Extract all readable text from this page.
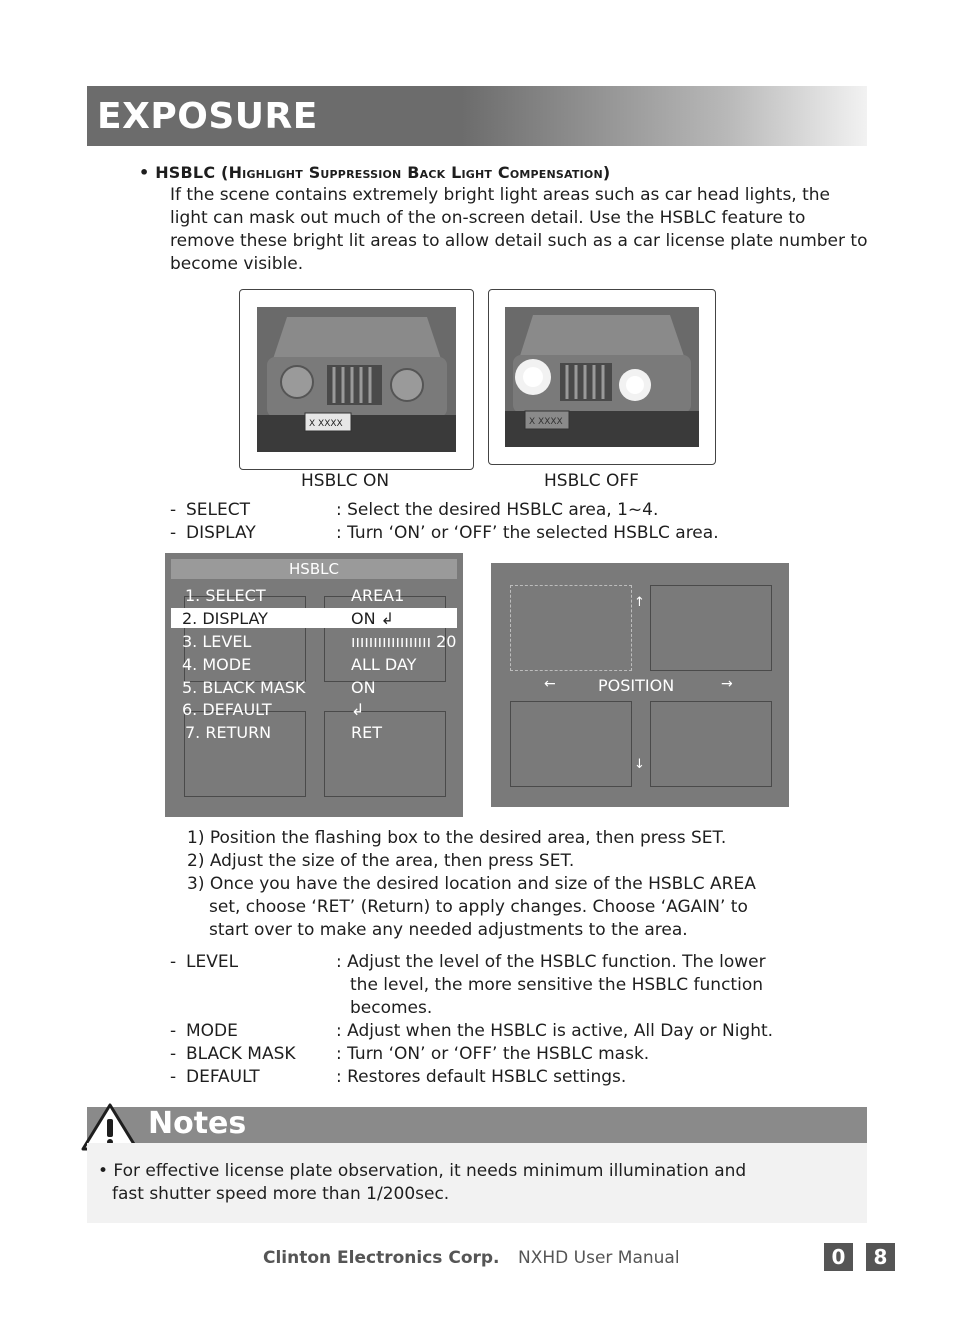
EXPOSURE
• HSBLC (Highlight Suppression Back Light Compensation)
If the scene contains extremely bright light areas such as car head lights, the light can mask out much of the on-screen detail. Use the HSBLC feature to remove these bright lit areas to allow detail such as a car license plate number to become visible.
X XXXX
HSBLC ON
X XXXX
HSBLC OFF
- SELECT	: Select the desired HSBLC area, 1~4.
- DISPLAY	: Turn ‘ON’ or ‘OFF’ the selected HSBLC area.
HSBLC
1. SELECT	AREA1
2. DISPLAY	ON ↲
3. LEVEL	ıııııııııııııııııı 20
4. MODE	ALL DAY
5. BLACK MASK	ON
6. DEFAULT	↲
7. RETURN	RET
↑
←	POSITION	→
↓
1) Position the flashing box to the desired area, then press SET.
2) Adjust the size of the area, then press SET.
3) Once you have the desired location and size of the HSBLC AREA
set, choose ‘RET’ (Return) to apply changes. Choose ‘AGAIN’ to
start over to make any needed adjustments to the area.
- LEVEL	: Adjust the level of the HSBLC function. The lower
the level, the more sensitive the HSBLC function
becomes.
- MODE	: Adjust when the HSBLC is active, All Day or Night.
- BLACK MASK : Turn ‘ON’ or ‘OFF’ the HSBLC mask.
- DEFAULT	: Restores default HSBLC settings.
Notes
• For effective license plate observation, it needs minimum illumination and
fast shutter speed more than 1/200sec.
Clinton Electronics Corp. NXHD User Manual	0	8
